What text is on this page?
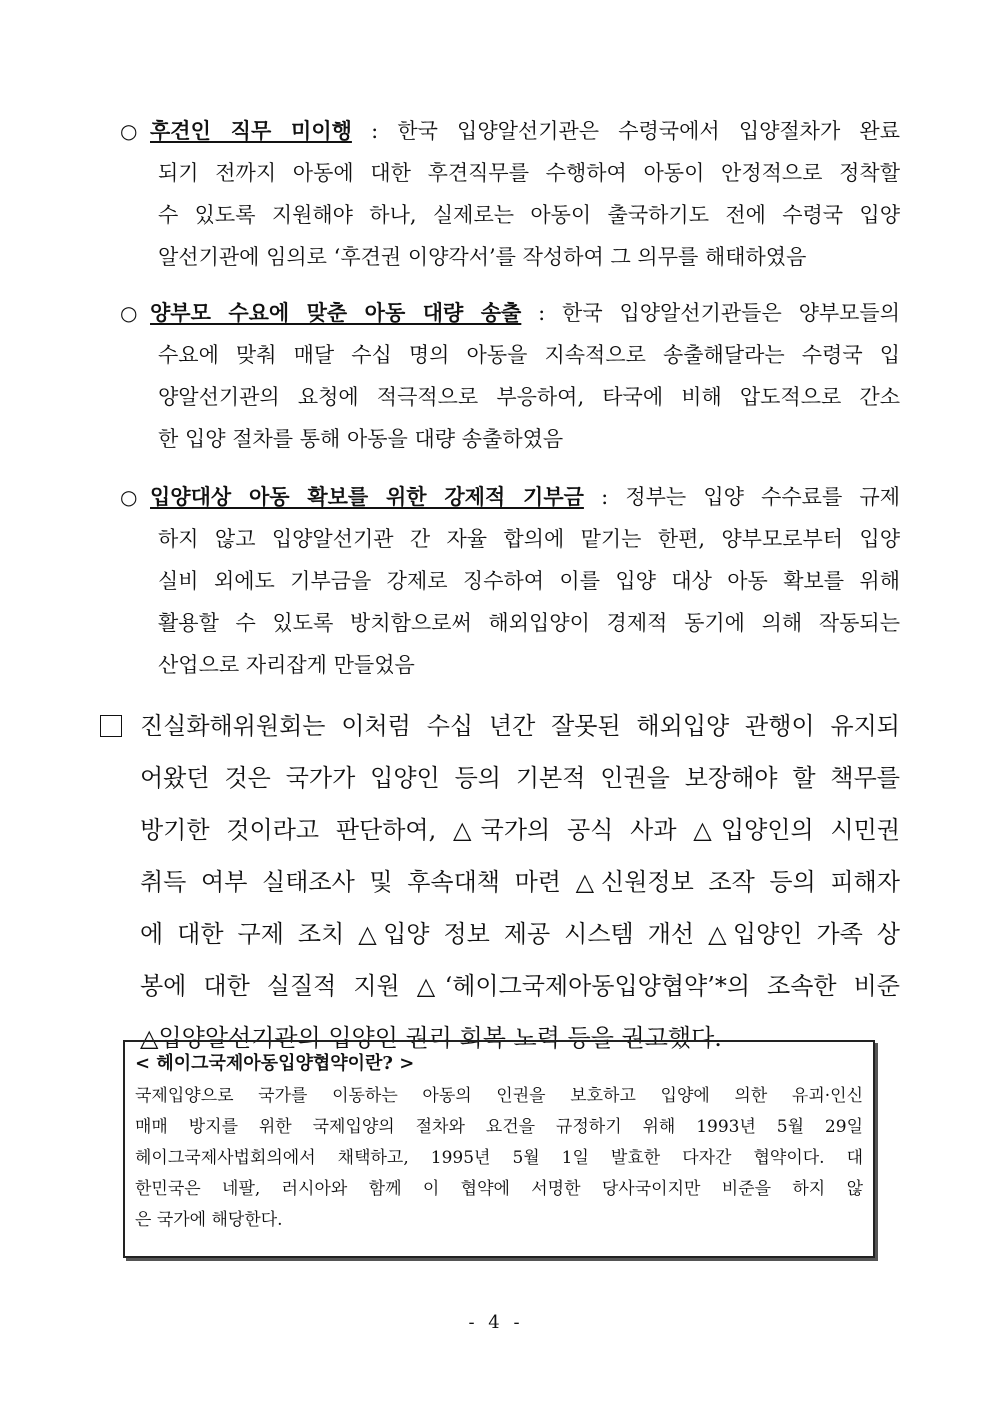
○ 후견인 직무 미이행 : 한국 입양알선기관은 수령국에서 입양절차가 완료
되기 전까지 아동에 대한 후견직무를 수행하여 아동이 안정적으로 정착할
수 있도록 지원해야 하나, 실제로는 아동이 출국하기도 전에 수령국 입양
알선기관에 임의로 ‘후견권 이양각서’를 작성하여 그 의무를 해태하였음
○ 양부모 수요에 맞춘 아동 대량 송출 : 한국 입양알선기관들은 양부모들의
수요에 맞춰 매달 수십 명의 아동을 지속적으로 송출해달라는 수령국 입
양알선기관의 요청에 적극적으로 부응하여, 타국에 비해 압도적으로 간소
한 입양 절차를 통해 아동을 대량 송출하였음
○ 입양대상 아동 확보를 위한 강제적 기부금 : 정부는 입양 수수료를 규제
하지 않고 입양알선기관 간 자율 합의에 맡기는 한편, 양부모로부터 입양
실비 외에도 기부금을 강제로 징수하여 이를 입양 대상 아동 확보를 위해
활용할 수 있도록 방치함으로써 해외입양이 경제적 동기에 의해 작동되는
산업으로 자리잡게 만들었음
진실화해위원회는 이처럼 수십 년간 잘못된 해외입양 관행이 유지되
어왔던 것은 국가가 입양인 등의 기본적 인권을 보장해야 할 책무를
방기한 것이라고 판단하여, △국가의 공식 사과 △입양인의 시민권
취득 여부 실태조사 및 후속대책 마련 △신원정보 조작 등의 피해자
에 대한 구제 조치 △입양 정보 제공 시스템 개선 △입양인 가족 상
봉에 대한 실질적 지원 △‘헤이그국제아동입양협약’*의 조속한 비준
△입양알선기관의 입양인 권리 회복 노력 등을 권고했다.
< 헤이그국제아동입양협약이란? >
국제입양으로 국가를 이동하는 아동의 인권을 보호하고 입양에 의한 유괴·인신
매매 방지를 위한 국제입양의 절차와 요건을 규정하기 위해 1993년 5월 29일
헤이그국제사법회의에서 채택하고, 1995년 5월 1일 발효한 다자간 협약이다. 대
한민국은 네팔, 러시아와 함께 이 협약에 서명한 당사국이지만 비준을 하지 않
은 국가에 해당한다.
- 4 -
